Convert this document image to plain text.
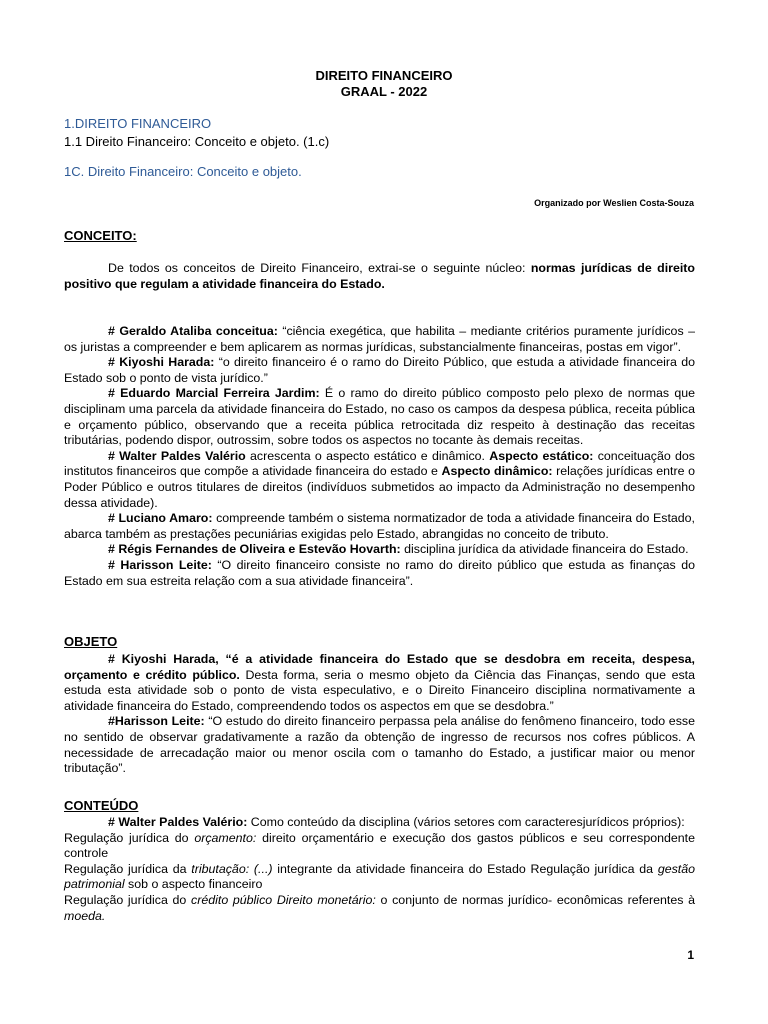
DIREITO FINANCEIRO
GRAAL - 2022
1.DIREITO FINANCEIRO
1.1 Direito Financeiro: Conceito e objeto. (1.c)
1C. Direito Financeiro: Conceito e objeto.
Organizado por Weslien Costa-Souza
CONCEITO:
De todos os conceitos de Direito Financeiro, extrai-se o seguinte núcleo: normas jurídicas de direito positivo que regulam a atividade financeira do Estado.
# Geraldo Ataliba conceitua: “ciência exegética, que habilita – mediante critérios puramente jurídicos – os juristas a compreender e bem aplicarem as normas jurídicas, substancialmente financeiras, postas em vigor”.
# Kiyoshi Harada: “o direito financeiro é o ramo do Direito Público, que estuda a atividade financeira do Estado sob o ponto de vista jurídico.”
# Eduardo Marcial Ferreira Jardim: É o ramo do direito público composto pelo plexo de normas que disciplinam uma parcela da atividade financeira do Estado, no caso os campos da despesa pública, receita pública e orçamento público, observando que a receita pública retrocitada diz respeito à destinação das receitas tributárias, podendo dispor, outrossim, sobre todos os aspectos no tocante às demais receitas.
# Walter Paldes Valério acrescenta o aspecto estático e dinâmico. Aspecto estático: conceituação dos institutos financeiros que compõe a atividade financeira do estado e Aspecto dinâmico: relações jurídicas entre o Poder Público e outros titulares de direitos (indivíduos submetidos ao impacto da Administração no desempenho dessa atividade).
# Luciano Amaro: compreende também o sistema normatizador de toda a atividade financeira do Estado, abarca também as prestações pecuniárias exigidas pelo Estado, abrangidas no conceito de tributo.
# Régis Fernandes de Oliveira e Estevão Hovarth: disciplina jurídica da atividade financeira do Estado.
# Harisson Leite: “O direito financeiro consiste no ramo do direito público que estuda as finanças do Estado em sua estreita relação com a sua atividade financeira”.
OBJETO
# Kiyoshi Harada, “é a atividade financeira do Estado que se desdobra em receita, despesa, orçamento e crédito público. Desta forma, seria o mesmo objeto da Ciência das Finanças, sendo que esta estuda esta atividade sob o ponto de vista especulativo, e o Direito Financeiro disciplina normativamente a atividade financeira do Estado, compreendendo todos os aspectos em que se desdobra.”
#Harisson Leite: “O estudo do direito financeiro perpassa pela análise do fenômeno financeiro, todo esse no sentido de observar gradativamente a razão da obtenção de ingresso de recursos nos cofres públicos. A necessidade de arrecadação maior ou menor oscila com o tamanho do Estado, a justificar maior ou menor tributação”.
CONTEÚDO
# Walter Paldes Valério: Como conteúdo da disciplina (vários setores com caracteresjurídicos próprios):
Regulação jurídica do orçamento: direito orçamentário e execução dos gastos públicos e seu correspondente controle
Regulação jurídica da tributação: (...) integrante da atividade financeira do Estado Regulação jurídica da gestão patrimonial sob o aspecto financeiro
Regulação jurídica do crédito público Direito monetário: o conjunto de normas jurídico- econômicas referentes à moeda.
1
